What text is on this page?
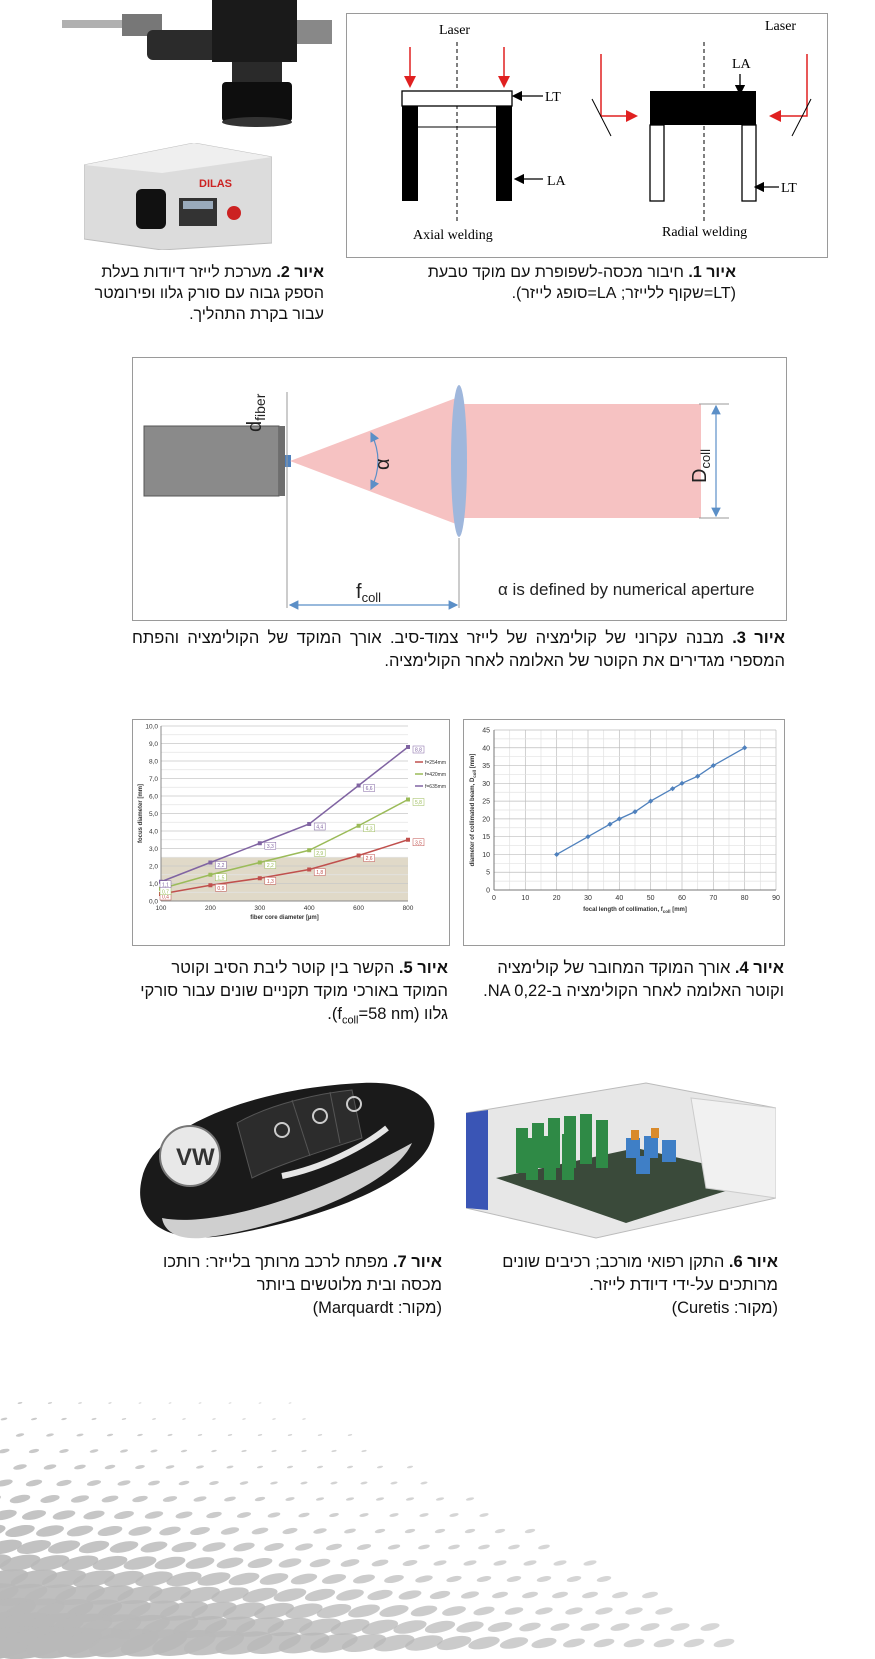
Laser
LT
LA
Axial welding
Laser
LA
LT
Radial welding
איור 1. חיבור מכסה-לשפופרת עם מוקד טבעת
(LT=שקוף ללייזר; LA=סופג לייזר).
DILAS
איור 2. מערכת לייזר דיודות בעלת הספק גבוה עם סורק גלוו ופירומטר עבור בקרת התהליך.
$d_{fiber}$
α
$D_{coll}$
$f_{coll}$	α is defined by numerical aperture
איור 3. מבנה עקרוני של קולימציה של לייזר צמוד-סיב. אורך המוקד של הקולימציה והפתח המספרי מגדירים את הקוטר של האלומה לאחר הקולימציה.
0,0
1,0
2,0
3,0
4,0
5,0
6,0
7,0
8,0
9,0
10,0
100	200	300	400	600	800
fiber core diameter [µm]
focus diameter [mm]
0,4
0,9
1,3
1,8
2,6
3,5
f=254mm
0,7
1,5
2,2
2,9
4,3
5,8
f=420mm
1,1
2,2
3,3
4,4
6,6
8,8
f=635mm
0
5
10
15
20
25
30
35
40
45
0	10	20	30	40	50	60	70	80	90
focal length of collimation, $f_{coll}$ [mm]
diameter of collimated beam, $D_{coll}$ [mm]
איור 5. הקשר בין קוטר ליבת הסיב וקוטר המוקד באורכי מוקד תקניים שונים עבור סורקי גלוו ($f_{coll}=58$ nm).
איור 4. אורך המוקד המחובר של קולימציה וקוטר האלומה לאחר הקולימציה ב-NA 0,22.
VW
איור 7. מפתח לרכב מרותך בלייזר: רותכו מכסה ובית מלוטשים ביותר
(מקור: Marquardt)
איור 6. התקן רפואי מורכב; רכיבים שונים מרותכים על-ידי דיודת לייזר.
(מקור: Curetis)
